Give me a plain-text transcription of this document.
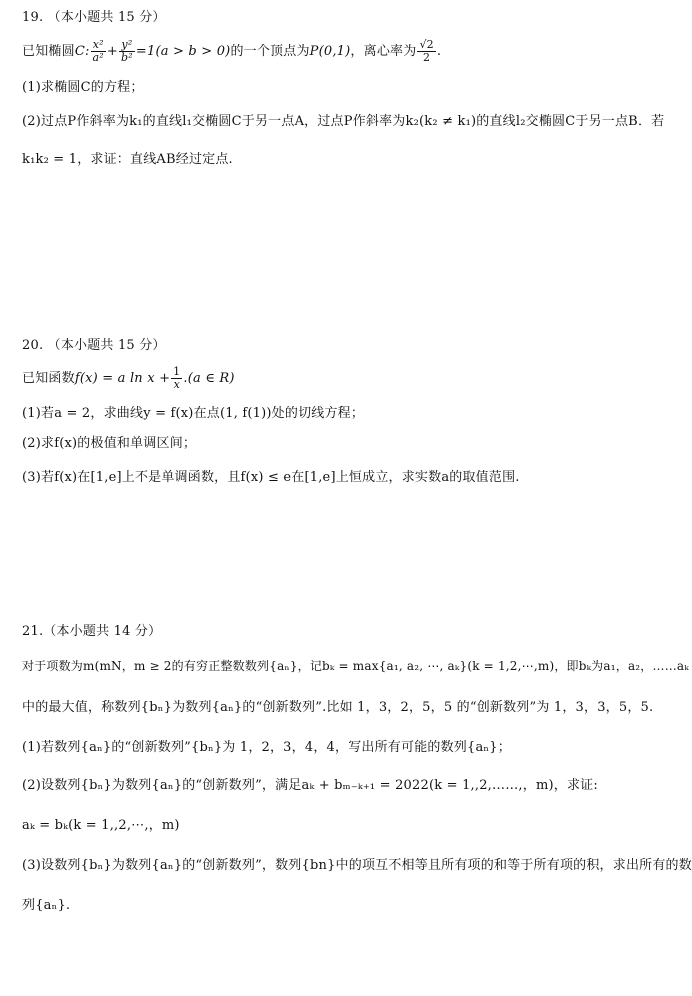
19. （本小题共 15 分）
已知椭圆C: $\frac{\text{x²}}{\text{a²}} + \frac{\text{y²}}{\text{b²}} =1(a > b > 0)$的一个顶点为P(0,1)，离心率为 $\frac{√2}{2}$ .
(1)求椭圆C的方程；
(2)过点P作斜率为k₁的直线l₁交椭圆C于另一点A，过点P作斜率为k₂(k₂ ≠ k₁)的直线l₂交椭圆C于另一点B．若
k₁k₂ = 1，求证：直线AB经过定点.
20. （本小题共 15 分）
已知函数f(x) = a $\ln x + \frac{1}{x} .(a$ ∈ R)
(1)若a = 2，求曲线y = f(x)在点(1, f(1))处的切线方程；
(2)求f(x)的极值和单调区间；
(3)若f(x)在[1,e]上不是单调函数，且f(x) ≤ e在[1,e]上恒成立，求实数a的取值范围.
21.（本小题共 14 分）
对于项数为m(mN，m ≥ 2的有穷正整数数列{aₙ}，记bₖ = max{a₁, a₂, ⋯, aₖ}(k = 1,2,⋯,m)，即bₖ为a₁，a₂，……aₖ
中的最大值，称数列{bₙ}为数列{aₙ}的“创新数列”.比如 1，3，2，5，5 的“创新数列”为 1，3，3，5，5.
(1)若数列{aₙ}的“创新数列”{bₙ}为 1，2，3，4，4，写出所有可能的数列{aₙ}；
(2)设数列{bₙ}为数列{aₙ}的“创新数列”，满足aₖ + bₘ₋ₖ₊₁ = 2022(k = 1,,2,……,，m)，求证:
aₖ = bₖ(k = 1,,2,⋯,，m)
(3)设数列{bₙ}为数列{aₙ}的“创新数列”，数列{bn}中的项互不相等且所有项的和等于所有项的积，求出所有的数
列{aₙ}.
